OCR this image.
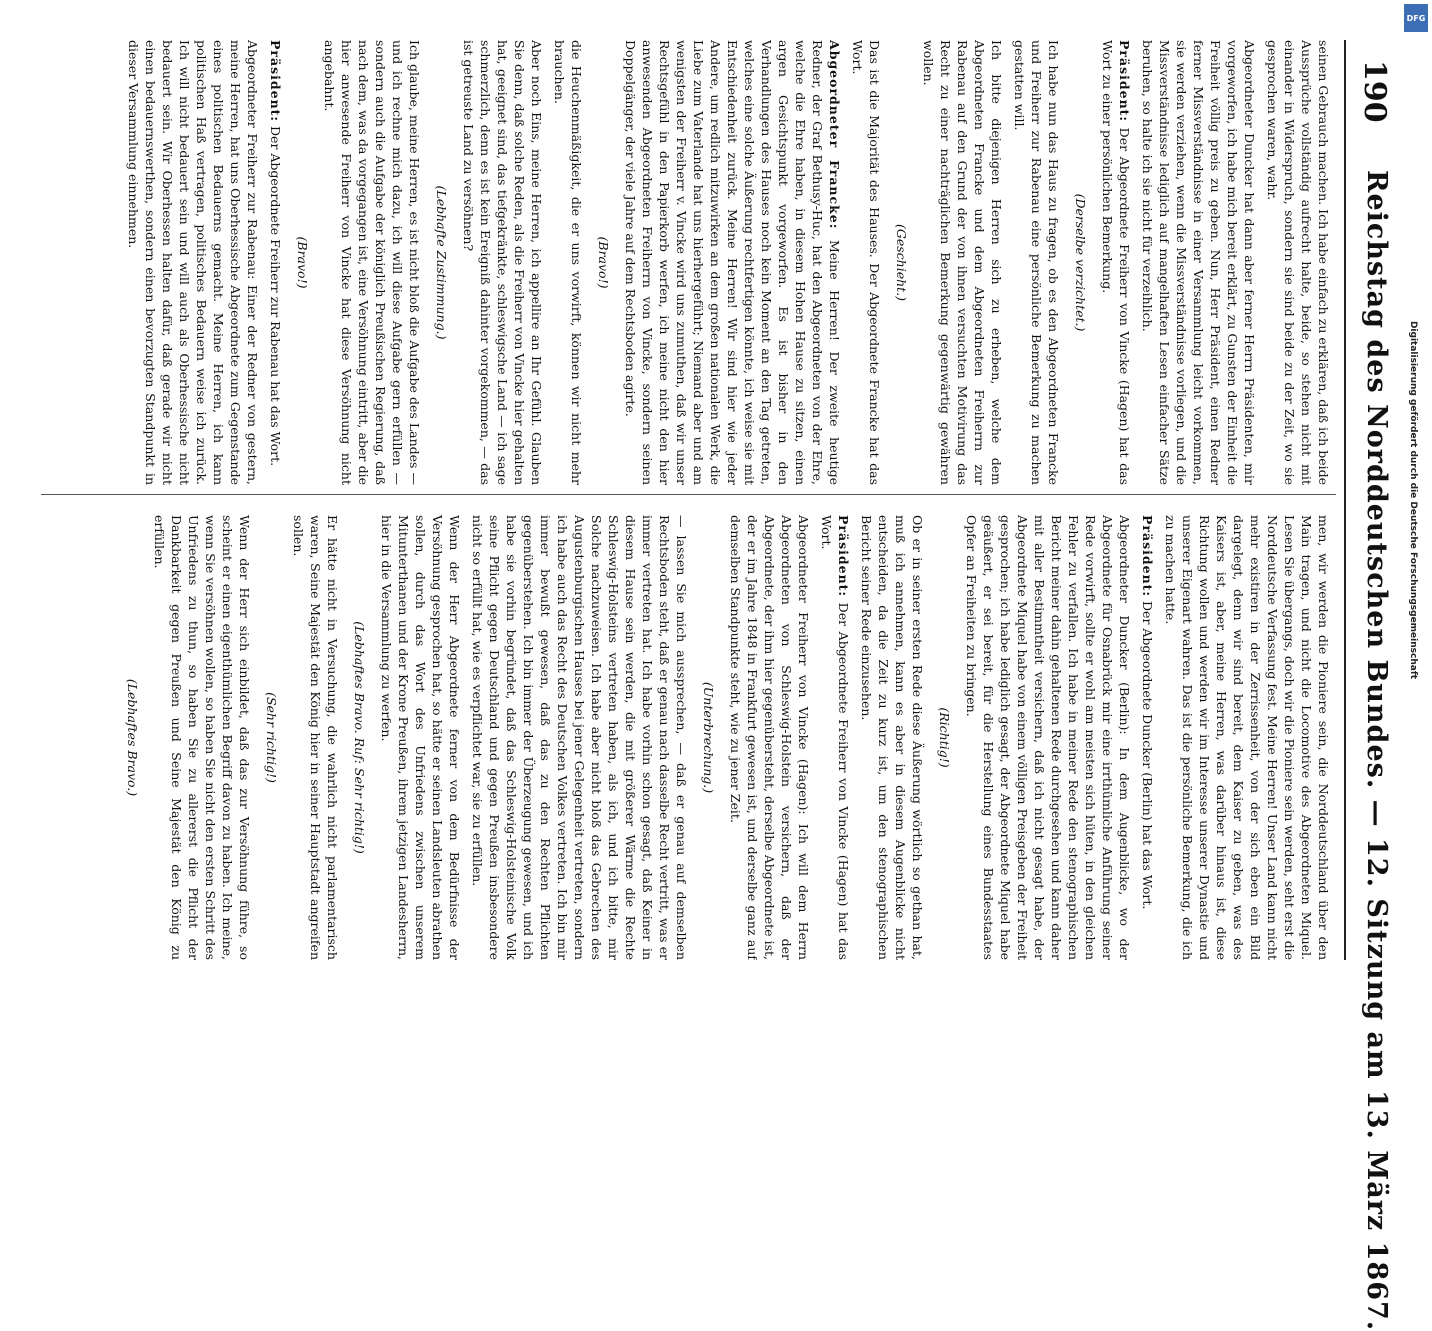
DFG
Digitalisierung gefördert durch die Deutsche Forschungsgemeinschaft
190
Reichstag des Norddeutschen Bundes. — 12. Sitzung am 13. März 1867.

seinen Gebrauch machen. Ich habe einfach zu erklären, daß ich beide Aussprüche vollständig aufrecht halte, beide, so stehen nicht mit einander in Widerspruch, sondern sie sind beide zu der Zeit, wo sie gesprochen waren, wahr.

Abgeordneter Duncker hat dann aber ferner Herrn Präsidenten, mir vorgeworfen, ich habe mich bereit erklärt, zu Gunsten der Einheit die Freiheit völlig preis zu geben. Nun, Herr Präsident, einen Redner ferner Missverständnisse in einer Versammlung leicht vorkommen, sie werden verziehen, wenn die Missverständnisse vorliegen, und die Missverständnisse lediglich auf mangelhaften Lesen einfacher Sätze beruhen, so halte ich sie nicht für verzeihlich.

Präsident: Der Abgeordnete Freiherr von Vincke (Hagen) hat das Wort zu einer persönlichen Bemerkung.

(Derselbe verzichtet.)

Ich habe nun das Haus zu fragen, ob es den Abgeordneten Francke und Freiherr zur Rabenau eine persönliche Bemerkung zu machen gestatten will.

Ich bitte diejenigen Herren sich zu erheben, welche dem Abgeordneten Francke und dem Abgeordneten Freiherrn zur Rabenau auf den Grund der von ihnen versuchten Motivirung das Recht zu einer nachträglichen Bemerkung gegenwärtig gewähren wollen.

(Geschieht.)

Das ist die Majorität des Hauses. Der Abgeordnete Francke hat das Wort.

Abgeordneter Francke: Meine Herren! Der zweite heutige Redner, der Graf Bethusy-Huc, hat den Abgeordneten von der Ehre, welche die Ehre haben, in diesem Hohen Hause zu sitzen, einen argen Gesichtspunkt vorgeworfen. Es ist bisher in den Verhandlungen des Hauses noch kein Moment an den Tag getreten, welches eine solche Äußerung rechtfertigen könnte, ich weise sie mit Entschiedenheit zurück. Meine Herren! Wir sind hier wie jeder Andere, um redlich mitzuwirken an dem großen nationalen Werk, die Liebe zum Vaterlande hat uns hierhergeführt; Niemand aber und am wenigsten der Freiherr v. Vincke wird uns zumuthen, daß wir unser Rechtsgefühl in den Papierkorb werfen, ich meine nicht den hier anwesenden Abgeordneten Freiherrn von Vincke, sondern seinen Doppelgänger, der viele Jahre auf dem Rechtsboden agirte.

(Bravo!)

die Heuchenmäßigkeit, die er uns vorwirft, können wir nicht mehr brauchen.

Aber noch Eins, meine Herren, ich appellire an Ihr Gefühl. Glauben Sie denn, daß solche Reden, als die Freiherr von Vincke hier gehalten hat, geeignet sind, das tiefgekränkte, schleswigsche Land — ich sage schmerzlich, denn es ist kein Ereigniß dahinter vorgekommen, — das ist getreuste Land zu versöhnen?

(Lebhafte Zustimmung.)

Ich glaube, meine Herren, es ist nicht bloß die Aufgabe des Landes — und ich rechne mich dazu, ich will diese Aufgabe gern erfüllen — sondern auch die Aufgabe der königlich Preußischen Regierung, daß nach dem, was da vorgegangen ist, eine Versöhnung eintritt, aber die hier anwesende Freiherr von Vincke hat diese Versöhnung nicht angebahnt.

(Bravo!)

Präsident: Der Abgeordnete Freiherr zur Rabenau hat das Wort.

Abgeordneter Freiherr zur Rabenau: Einer der Redner von gestern, meine Herren, hat uns Oberhessische Abgeordnete zum Gegenstande eines politischen Bedauerns gemacht. Meine Herren, ich kann politischen Haß vertragen, politisches Bedauern weise ich zurück. Ich will nicht bedauert sein und will auch als Oberhessische nicht bedauert sein. Wir Oberhessen halten dafür, daß gerade wir nicht einen bedauernswerthen, sondern einen bevorzugten Standpunkt in dieser Versammlung einnehmen.

men, wir werden die Pioniere sein, die Norddeutschland über den Main tragen, und nicht die Locomotive des Abgeordneten Miquel. Lesen Sie übergangs, doch wir die Pioniere sein werden, seht erst die Norddeutsche Verfassung fest. Meine Herren! Unser Land kann nicht mehr existiren in der Zerrissenheit, von der sich eben ein Bild dargelegt, denn wir sind bereit, dem Kaiser zu geben, was des Kaisers ist, aber, meine Herren, was darüber hinaus ist, diese Richtung wollen und werden wir im Interesse unserer Dynastie und unserer Eigenart wahren. Das ist die persönliche Bemerkung, die ich zu machen hatte.

Präsident: Der Abgeordnete Duncker (Berlin) hat das Wort.

Abgeordneter Duncker (Berlin): In dem Augenblicke, wo der Abgeordnete für Osnabrück mir eine irrthümliche Anführung seiner Rede vorwirft, sollte er wohl am meisten sich hüten, in den gleichen Fehler zu verfallen. Ich habe in meiner Rede den stenographischen Bericht meiner dahin gehaltenen Rede durchgesehen und kann daher mit aller Bestimmtheit versichern, daß ich nicht gesagt habe, der Abgeordnete Miquel habe von einem völligen Preisgeben der Freiheit gesprochen; ich habe lediglich gesagt, der Abgeordnete Miquel habe geäußert, er sei bereit, für die Herstellung eines Bundesstaates Opfer an Freiheiten zu bringen.

(Richtig!)

Ob er in seiner ersten Rede diese Äußerung wörtlich so gethan hat, muß ich annehmen, kann es aber in diesem Augenblicke nicht entscheiden, da die Zeit zu kurz ist, um den stenographischen Bericht seiner Rede einzusehen.

Präsident: Der Abgeordnete Freiherr von Vincke (Hagen) hat das Wort.

Abgeordneter Freiherr von Vincke (Hagen): Ich will dem Herrn Abgeordneten von Schleswig-Holstein versichern, daß der Abgeordnete, der ihm hier gegenübersteht, derselbe Abgeordnete ist, der er im Jahre 1848 in Frankfurt gewesen ist, und derselbe ganz auf demselben Standpunkte steht, wie zu jener Zeit.

(Unterbrechung.)

— lassen Sie mich aussprechen, — daß er genau auf demselben Rechtsboden steht, daß er genau nach dasselbe Recht vertritt, was er immer vertreten hat. Ich habe vorhin schon gesagt, daß Keiner in diesem Hause sein werden, die mit größerer Wärme die Rechte Schleswig-Holsteins vertreten haben, als ich, und ich bitte, mir Solche nachzuweisen. Ich habe aber nicht bloß das Gebrechen des Augustenburgischen Hauses bei jener Gelegenheit vertreten, sondern ich habe auch das Recht des Deutschen Volkes vertreten. Ich bin mir immer bewußt gewesen, daß das zu den Rechten Pflichten gegenüberstehen. Ich bin immer der Überzeugung gewesen, und ich habe sie vorhin begründet, daß das Schleswig-Holsteinische Volk seine Pflicht gegen Deutschland und gegen Preußen insbesondere nicht so erfüllt hat, wie es verpflichtet war, sie zu erfüllen.

Wenn der Herr Abgeordnete ferner von dem Bedürfnisse der Versöhnung gesprochen hat, so hätte er seinen Landsleuten abrathen sollen, durch das Wort des Unfriedens zwischen unserem Mitunterthanen und der Krone Preußen, ihrem jetzigen Landesherrn, hier in die Versammlung zu werfen.

(Lebhaftes Bravo. Ruf: Sehr richtig!)

Er hätte nicht in Versuchung, die wahrlich nicht parlamentarisch waren, Seine Majestät den König hier in seiner Hauptstadt angreifen sollen.

(Sehr richtig!)

Wenn der Herr sich einbildet, daß das zur Versöhnung führe, so scheint er einen eigenthümlichen Begriff davon zu haben. Ich meine, wenn Sie versöhnen wollen, so haben Sie nicht den ersten Schritt des Unfriedens zu thun, so haben Sie zu allererst die Pflicht der Dankbarkeit gegen Preußen und Seine Majestät den König zu erfüllen.

(Lebhaftes Bravo.)
